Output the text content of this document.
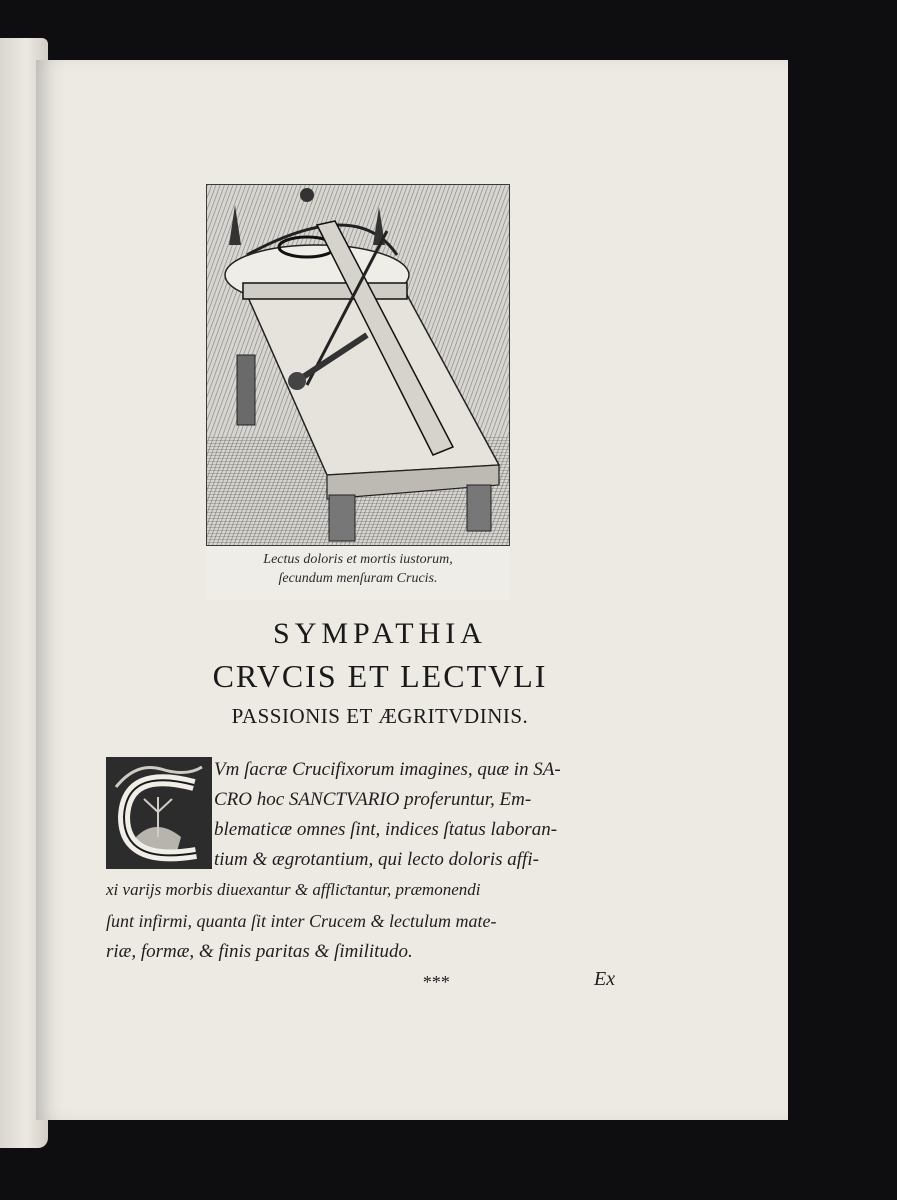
Lectus doloris et mortis iustorum,
ſecundum menſuram Crucis.
SYMPATHIA
CRVCIS ET LECTVLI
PASSIONIS ET ÆGRITVDINIS.
Vm ſacræ Crucifixorum imagines, quæ in SA-
CRO hoc SANCTVARIO proferuntur, Em-
blematicæ omnes ſint, indices ſtatus laboran-
tium & ægrotantium, qui lecto doloris affi-
xi varijs morbis diuexantur & affliƈtantur, præmonendi
ſunt infirmi, quanta ſit inter Crucem & lectulum mate-
riæ, formæ, & finis paritas & ſimilitudo.
***	Ex
